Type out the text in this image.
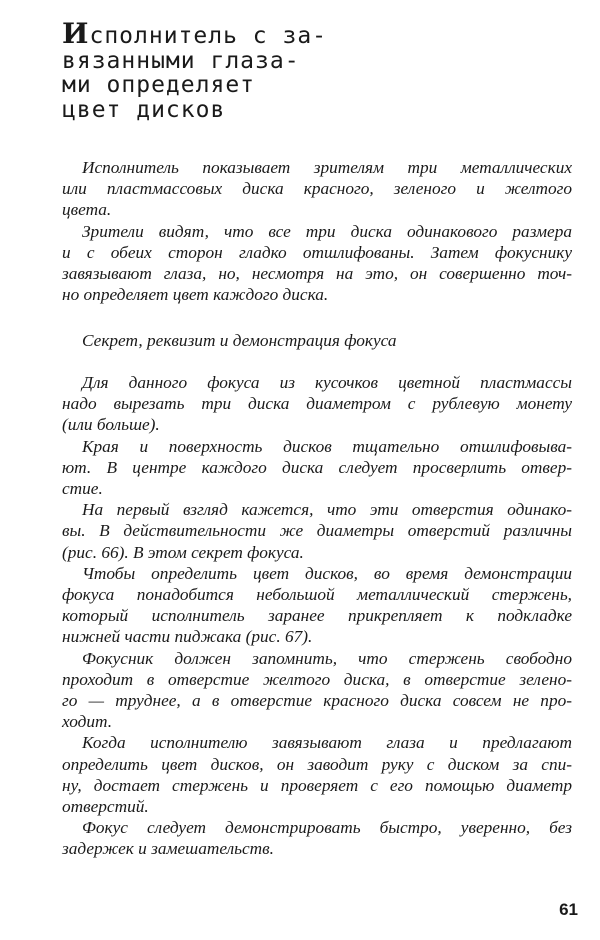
Исполнитель с за-
вязанными глаза-
ми определяет
цвет дисков
Исполнитель показывает зрителям три металлических
или пластмассовых диска красного, зеленого и желтого
цвета.
Зрители видят, что все три диска одинакового размера
и с обеих сторон гладко отшлифованы. Затем фокуснику
завязывают глаза, но, несмотря на это, он совершенно точ-
но определяет цвет каждого диска.
Секрет, реквизит и демонстрация фокуса
Для данного фокуса из кусочков цветной пластмассы
надо вырезать три диска диаметром с рублевую монету
(или больше).
Края и поверхность дисков тщательно отшлифовыва-
ют. В центре каждого диска следует просверлить отвер-
стие.
На первый взгляд кажется, что эти отверстия одинако-
вы. В действительности же диаметры отверстий различны
(рис. 66). В этом секрет фокуса.
Чтобы определить цвет дисков, во время демонстрации
фокуса понадобится небольшой металлический стержень,
который исполнитель заранее прикрепляет к подкладке
нижней части пиджака (рис. 67).
Фокусник должен запомнить, что стержень свободно
проходит в отверстие желтого диска, в отверстие зелено-
го — труднее, а в отверстие красного диска совсем не про-
ходит.
Когда исполнителю завязывают глаза и предлагают
определить цвет дисков, он заводит руку с диском за спи-
ну, достает стержень и проверяет с его помощью диаметр
отверстий.
Фокус следует демонстрировать быстро, уверенно, без
задержек и замешательств.
61
